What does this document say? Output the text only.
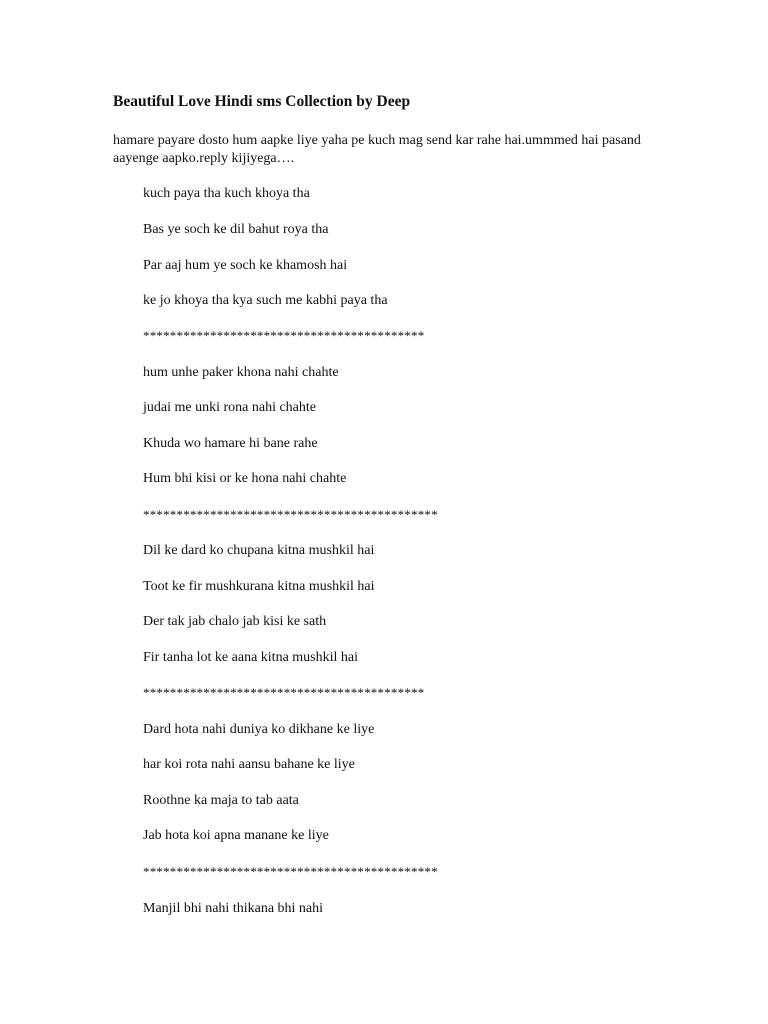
Beautiful Love Hindi sms Collection by Deep
hamare payare dosto hum aapke liye yaha pe kuch mag send kar rahe hai.ummmed hai pasand aayenge aapko.reply kijiyega….
kuch paya tha kuch khoya tha
Bas ye soch ke dil bahut roya tha
Par aaj hum ye soch ke khamosh hai
ke jo khoya tha kya such me kabhi paya tha
******************************************
hum unhe paker khona nahi chahte
judai me unki rona nahi chahte
Khuda wo hamare hi bane rahe
Hum bhi kisi or ke hona nahi chahte
********************************************
Dil ke dard ko chupana kitna mushkil hai
Toot ke fir mushkurana kitna mushkil hai
Der tak jab chalo jab kisi ke sath
Fir tanha lot ke aana kitna mushkil hai
******************************************
Dard hota nahi duniya ko dikhane ke liye
har koi rota nahi aansu bahane ke liye
Roothne ka maja to tab aata
Jab hota koi apna manane ke liye
********************************************
Manjil bhi nahi thikana bhi nahi
